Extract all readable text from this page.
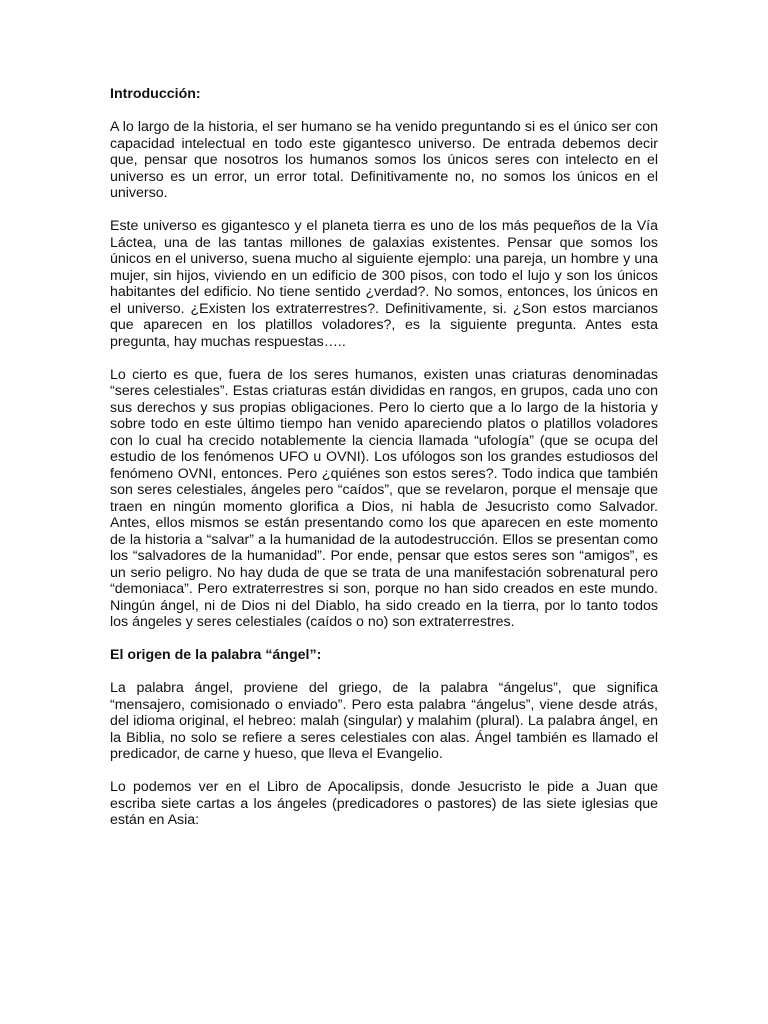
Introducción:

A lo largo de la historia, el ser humano se ha venido preguntando si es el único ser con capacidad intelectual en todo este gigantesco universo. De entrada debemos decir que, pensar que nosotros los humanos somos los únicos seres con intelecto en el universo es un error, un error total. Definitivamente no, no somos los únicos en el universo.

Este universo es gigantesco y el planeta tierra es uno de los más pequeños de la Vía Láctea, una de las tantas millones de galaxias existentes. Pensar que somos los únicos en el universo, suena mucho al siguiente ejemplo: una pareja, un hombre y una mujer, sin hijos, viviendo en un edificio de 300 pisos, con todo el lujo y son los únicos habitantes del edificio. No tiene sentido ¿verdad?. No somos, entonces, los únicos en el universo. ¿Existen los extraterrestres?. Definitivamente, si. ¿Son estos marcianos que aparecen en los platillos voladores?, es la siguiente pregunta. Antes esta pregunta, hay muchas respuestas…..

Lo cierto es que, fuera de los seres humanos, existen unas criaturas denominadas “seres celestiales”. Estas criaturas están divididas en rangos, en grupos, cada uno con sus derechos y sus propias obligaciones. Pero lo cierto que a lo largo de la historia y sobre todo en este último tiempo han venido apareciendo platos o platillos voladores con lo cual ha crecido notablemente la ciencia llamada “ufología” (que se ocupa del estudio de los fenómenos UFO u OVNI). Los ufólogos son los grandes estudiosos del fenómeno OVNI, entonces. Pero ¿quiénes son estos seres?. Todo indica que también son seres celestiales, ángeles pero “caídos”, que se revelaron, porque el mensaje que traen en ningún momento glorifica a Dios, ni habla de Jesucristo como Salvador. Antes, ellos mismos se están presentando como los que aparecen en este momento de la historia a “salvar” a la humanidad de la autodestrucción. Ellos se presentan como los “salvadores de la humanidad”. Por ende, pensar que estos seres son “amigos”, es un serio peligro. No hay duda de que se trata de una manifestación sobrenatural pero “demoniaca”. Pero extraterrestres si son, porque no han sido creados en este mundo. Ningún ángel, ni de Dios ni del Diablo, ha sido creado en la tierra, por lo tanto todos los ángeles y seres celestiales (caídos o no) son extraterrestres.

El origen de la palabra “ángel”:

La palabra ángel, proviene del griego, de la palabra “ángelus”, que significa “mensajero, comisionado o enviado”. Pero esta palabra “ángelus”, viene desde atrás, del idioma original, el hebreo: malah (singular) y malahim (plural). La palabra ángel, en la Biblia, no solo se refiere a seres celestiales con alas. Ángel también es llamado el predicador, de carne y hueso, que lleva el Evangelio.

Lo podemos ver en el Libro de Apocalipsis, donde Jesucristo le pide a Juan que escriba siete cartas a los ángeles (predicadores o pastores) de las siete iglesias que están en Asia:
